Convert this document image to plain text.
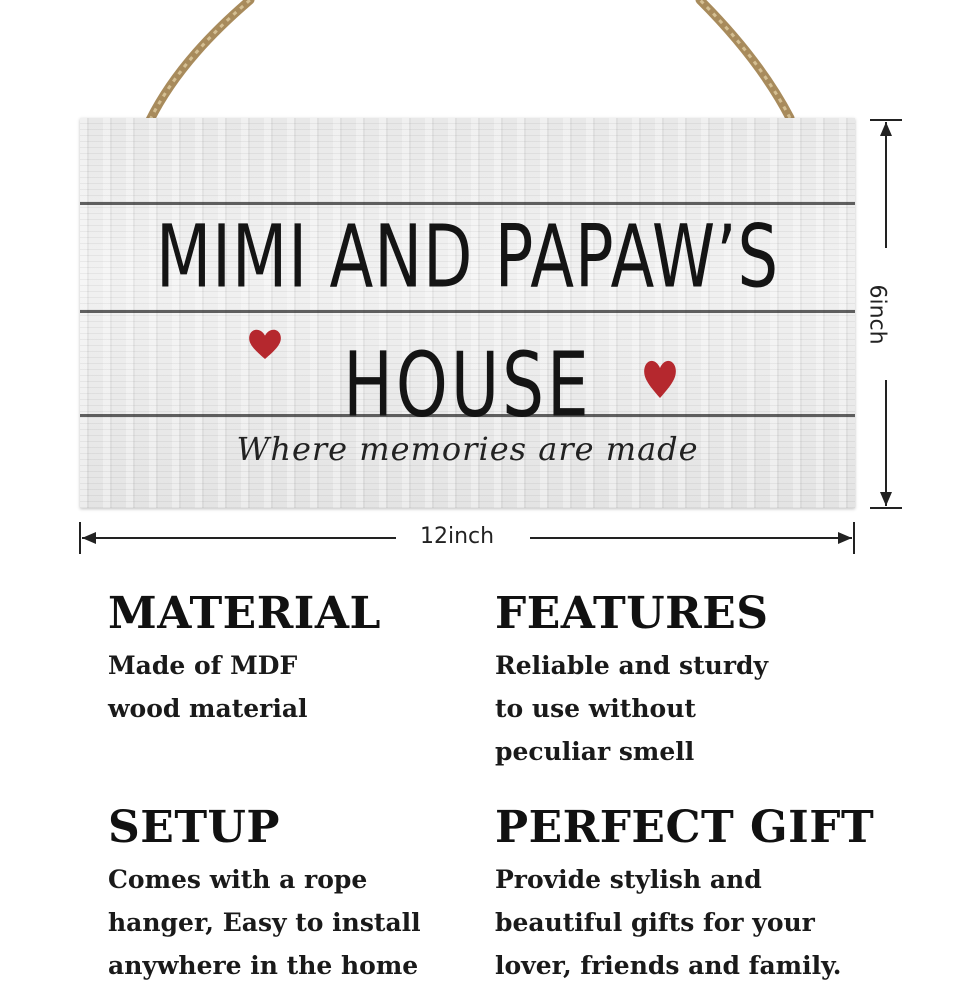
MIMI AND PAPAW’S
HOUSE
Where memories are made
6inch
12inch
MATERIAL

Made of MDF
wood material

FEATURES

Reliable and sturdy
to use without
peculiar smell

SETUP

Comes with a rope
hanger, Easy to install
anywhere in the home

PERFECT GIFT

Provide stylish and
beautiful gifts for your
lover, friends and family.
